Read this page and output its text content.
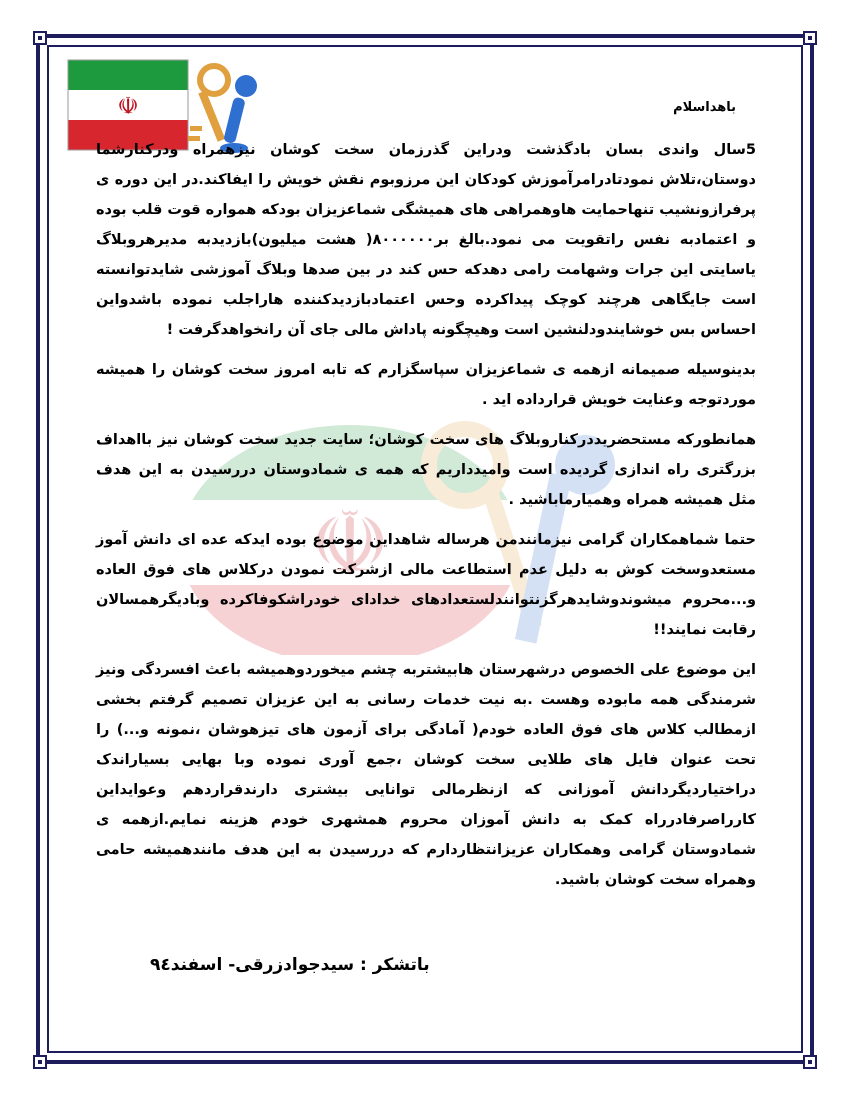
☫
☫	باهداسلام

5سال واندی بسان بادگذشت ودراین گذرزمان سخت کوشان نیزهمراه ودرکنارشما دوستان،تلاش نمودتادرامرآموزش کودکان این مرزوبوم نقش خویش را ایفاکند.در این دوره ی پرفرازونشیب تنهاحمایت هاوهمراهی های همیشگی شماعزیزان بودکه همواره قوت قلب بوده و اعتمادبه نفس راتقویت می نمود.بالغ بر۸۰۰۰۰۰۰( هشت میلیون)بازدیدبه مدیرهروبلاگ یاسایتی این جرات وشهامت رامی دهدکه حس کند در بین صدها وبلاگ آموزشی شایدتوانسته است جایگاهی هرچند کوچک پیداکرده وحس اعتمادبازدیدکننده هاراجلب نموده باشدواین احساس بس خوشایندودلنشین است وهیچگونه پاداش مالی جای آن رانخواهدگرفت !

بدینوسیله صمیمانه ازهمه ی شماعزیزان سپاسگزارم که تابه امروز سخت کوشان را همیشه موردتوجه وعنایت خویش قرارداده اید .

همانطورکه مستحضریددرکناروبلاگ های سخت کوشان؛ سایت جدید سخت کوشان نیز بااهداف بزرگتری راه اندازی گردیده است وامیدداریم که همه ی شمادوستان دررسیدن به این هدف مثل همیشه همراه وهمیارماباشید .

حتما شماهمکاران گرامی نیزمانندمن هرساله شاهداین موضوع بوده ایدکه عده ای دانش آموز مستعدوسخت کوش به دلیل عدم استطاعت مالی ازشرکت نمودن درکلاس های فوق العاده و...محروم میشوندوشایدهرگزنتوانندلستعدادهای خدادای خودراشکوفاکرده وبادیگرهمسالان رقابت نمایند!!

این موضوع علی الخصوص درشهرستان هابیشتربه چشم میخوردوهمیشه باعث افسردگی ونیز شرمندگی همه مابوده وهست .به نیت خدمات رسانی به این عزیزان تصمیم گرفتم بخشی ازمطالب کلاس های فوق العاده خودم( آمادگی برای آزمون های تیزهوشان ،نمونه و...) را تحت عنوان فایل های طلایی سخت کوشان ،جمع آوری نموده وبا بهایی بسیاراندک دراختیاردیگردانش آموزانی که ازنظرمالی توانایی بیشتری دارندقراردهم وعوایداین کارراصرفادرراه کمک به دانش آموزان محروم همشهری خودم هزینه نمایم.ازهمه ی شمادوستان گرامی وهمکاران عزیزانتظاردارم که دررسیدن به این هدف مانندهمیشه حامی وهمراه سخت کوشان باشید.

باتشکر : سیدجوادزرقی- اسفند۹٤
